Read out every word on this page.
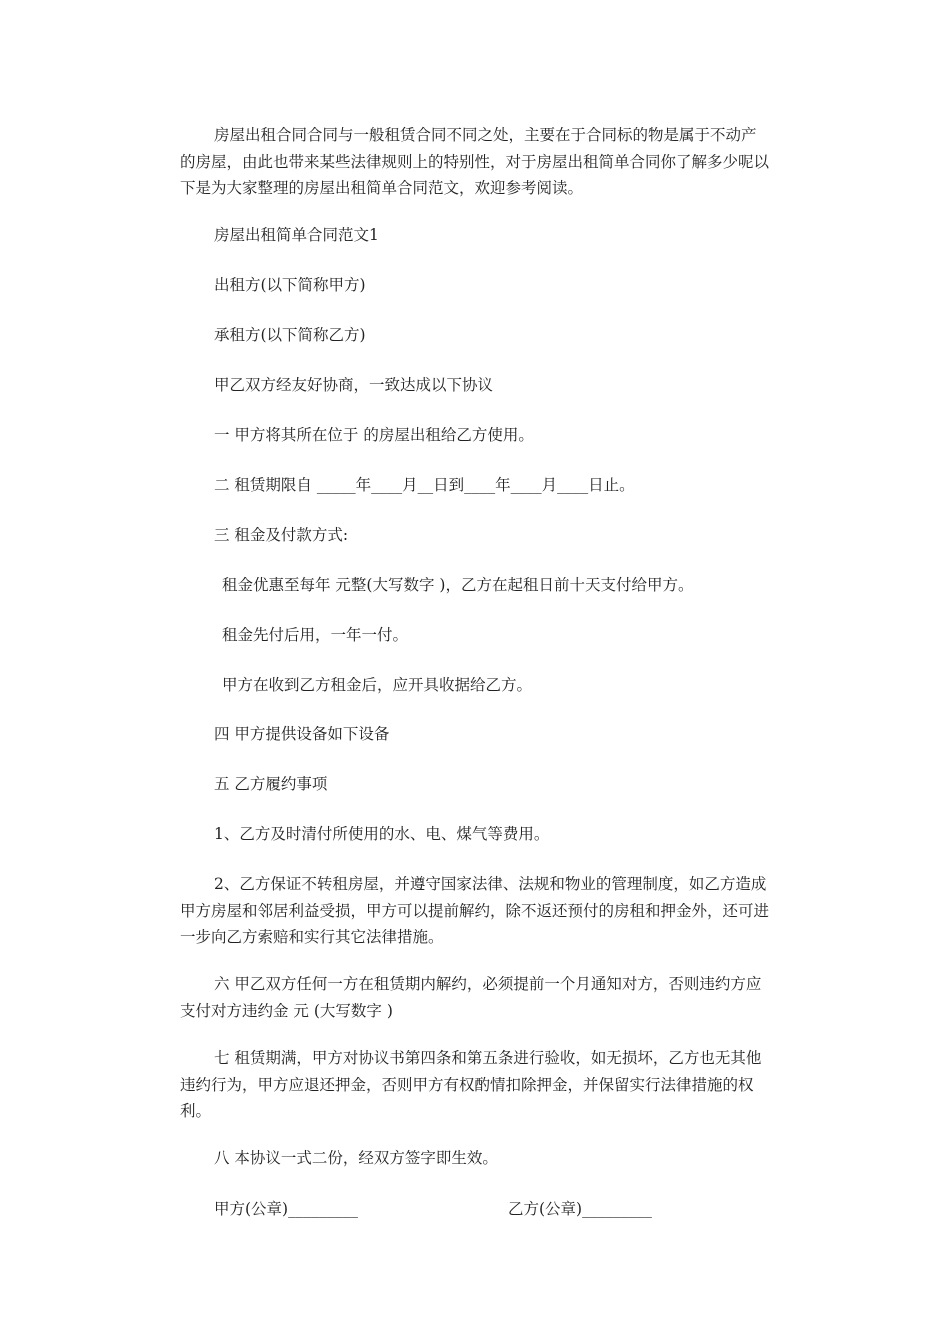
房屋出租合同合同与一般租赁合同不同之处，主要在于合同标的物是属于不动产的房屋，由此也带来某些法律规则上的特别性，对于房屋出租简单合同你了解多少呢以下是为大家整理的房屋出租简单合同范文，欢迎参考阅读。

房屋出租简单合同范文1

出租方(以下简称甲方)

承租方(以下简称乙方)

甲乙双方经友好协商，一致达成以下协议

一 甲方将其所在位于 的房屋出租给乙方使用。

二 租赁期限自 _____年____月__日到____年____月____日止。

三 租金及付款方式:

租金优惠至每年 元整(大写数字 )，乙方在起租日前十天支付给甲方。

租金先付后用，一年一付。

甲方在收到乙方租金后，应开具收据给乙方。

四 甲方提供设备如下设备

五 乙方履约事项

1、乙方及时清付所使用的水、电、煤气等费用。

2、乙方保证不转租房屋，并遵守国家法律、法规和物业的管理制度，如乙方造成甲方房屋和邻居利益受损，甲方可以提前解约，除不返还预付的房租和押金外，还可进一步向乙方索赔和实行其它法律措施。

六 甲乙双方任何一方在租赁期内解约，必须提前一个月通知对方，否则违约方应支付对方违约金 元 (大写数字 )

七 租赁期满，甲方对协议书第四条和第五条进行验收，如无损坏，乙方也无其他违约行为，甲方应退还押金，否则甲方有权酌情扣除押金，并保留实行法律措施的权利。

八 本协议一式二份，经双方签字即生效。

甲方(公章)_________	乙方(公章)_________
